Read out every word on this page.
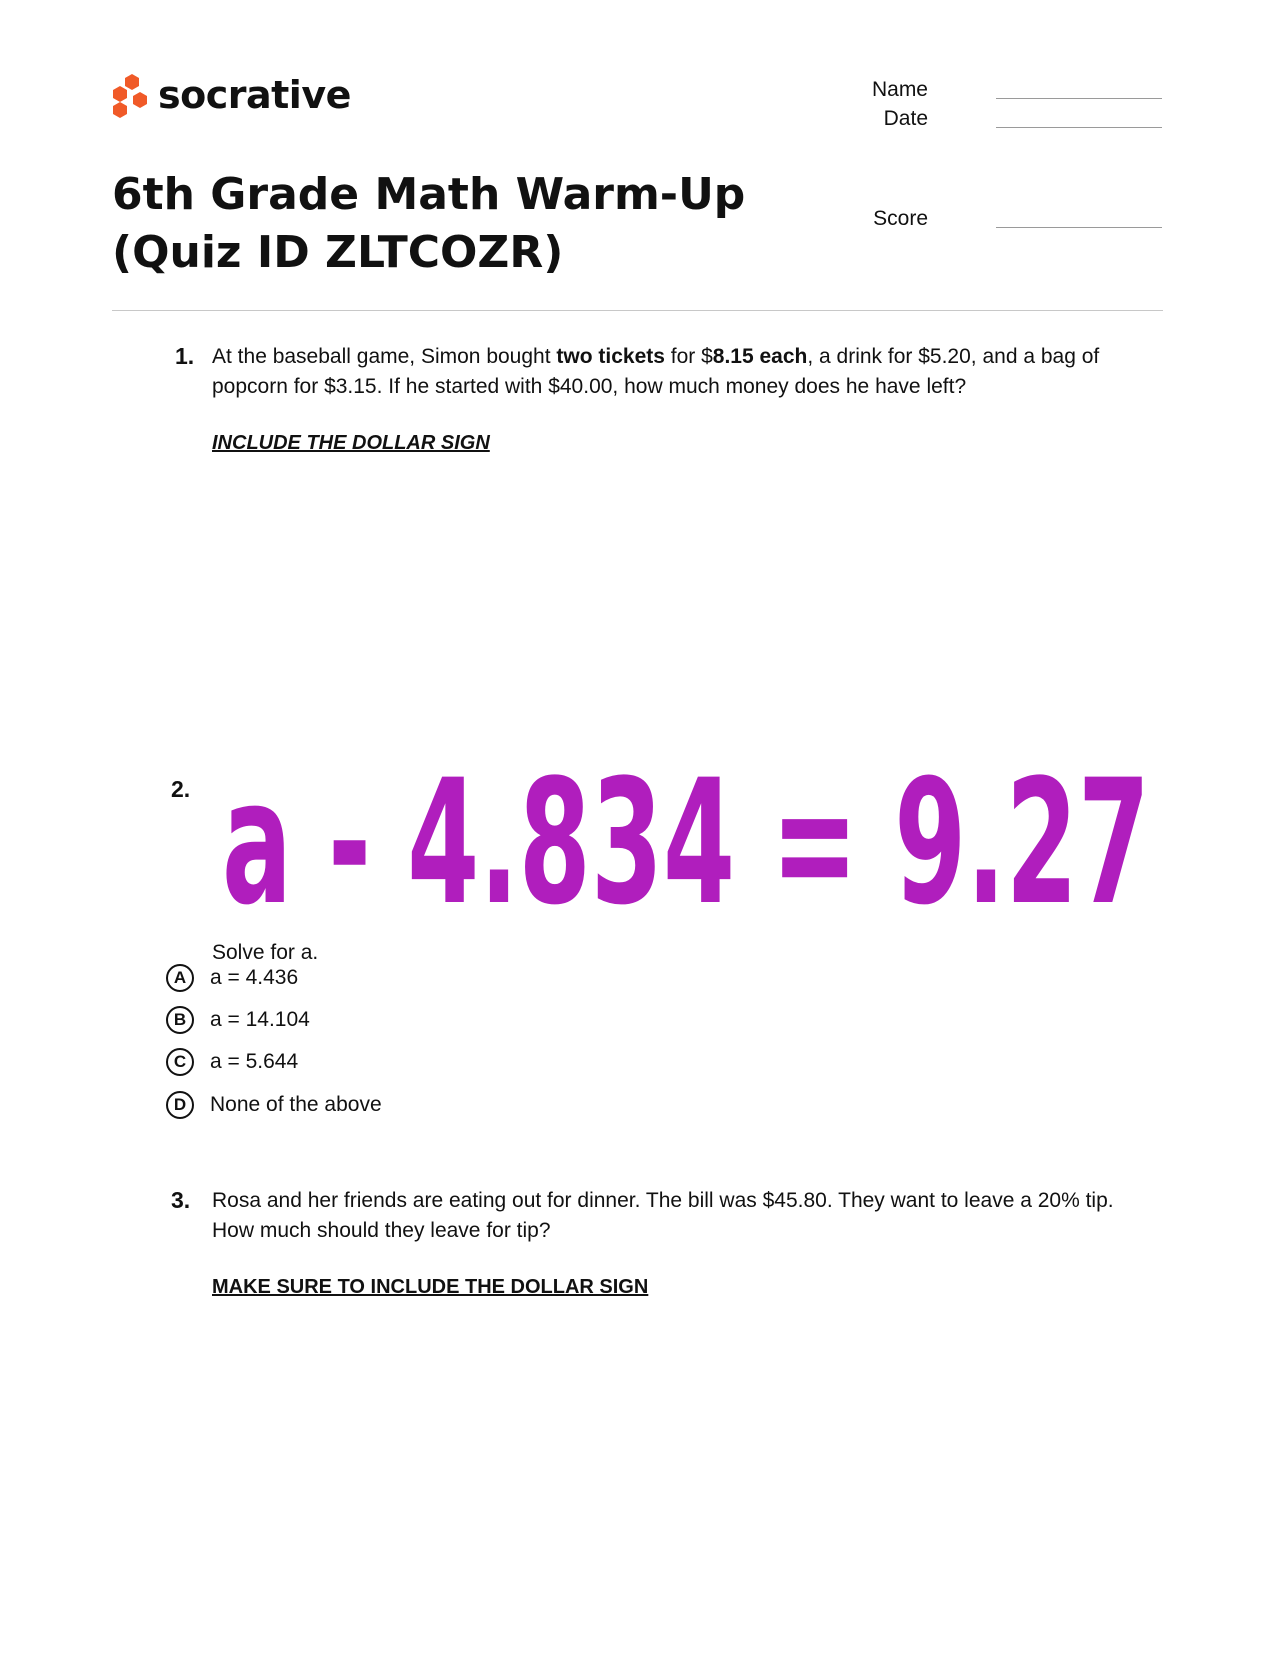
socrative	Name
Date
Score
6th Grade Math Warm-Up (Quiz ID ZLTCOZR)
1. At the baseball game, Simon bought two tickets for $8.15 each, a drink for $5.20, and a bag of popcorn for $3.15. If he started with $40.00, how much money does he have left?

INCLUDE THE DOLLAR SIGN
2. a - 4.834 = 9.27
Solve for a.
A	a = 4.436
B	a = 14.104
C	a = 5.644
D	None of the above
3. Rosa and her friends are eating out for dinner. The bill was $45.80. They want to leave a 20% tip. How much should they leave for tip?

MAKE SURE TO INCLUDE THE DOLLAR SIGN
